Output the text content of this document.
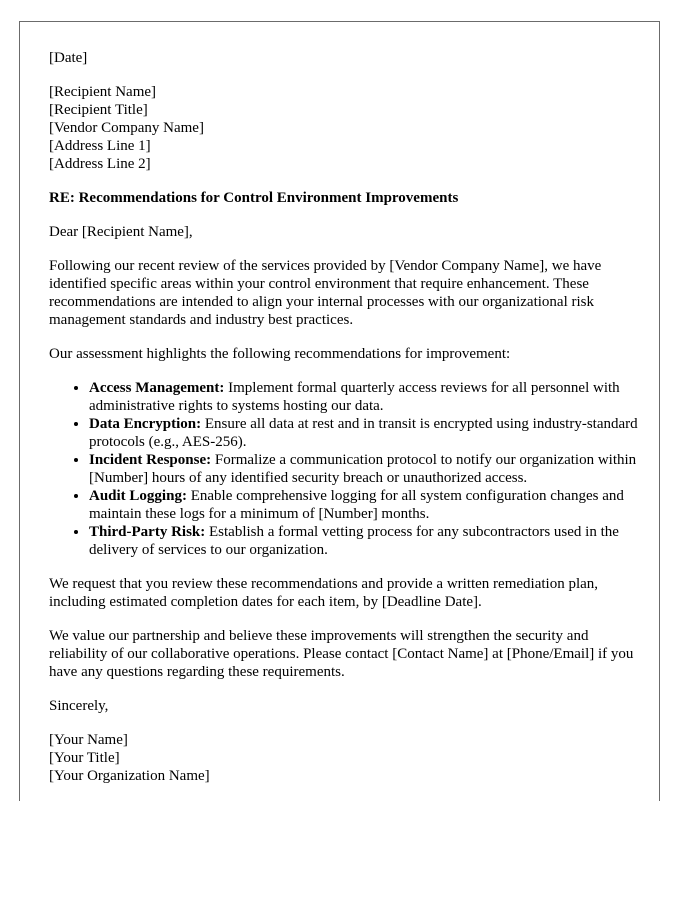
[Date]
[Recipient Name]
[Recipient Title]
[Vendor Company Name]
[Address Line 1]
[Address Line 2]

RE: Recommendations for Control Environment Improvements

Dear [Recipient Name],

Following our recent review of the services provided by [Vendor Company Name], we have identified specific areas within your control environment that require enhancement. These recommendations are intended to align your internal processes with our organizational risk management standards and industry best practices.

Our assessment highlights the following recommendations for improvement:

• Access Management: Implement formal quarterly access reviews for all personnel with administrative rights to systems hosting our data.
• Data Encryption: Ensure all data at rest and in transit is encrypted using industry-standard protocols (e.g., AES-256).
• Incident Response: Formalize a communication protocol to notify our organization within [Number] hours of any identified security breach or unauthorized access.
• Audit Logging: Enable comprehensive logging for all system configuration changes and maintain these logs for a minimum of [Number] months.
• Third-Party Risk: Establish a formal vetting process for any subcontractors used in the delivery of services to our organization.

We request that you review these recommendations and provide a written remediation plan, including estimated completion dates for each item, by [Deadline Date].

We value our partnership and believe these improvements will strengthen the security and reliability of our collaborative operations. Please contact [Contact Name] at [Phone/Email] if you have any questions regarding these requirements.

Sincerely,

[Your Name]
[Your Title]
[Your Organization Name]
